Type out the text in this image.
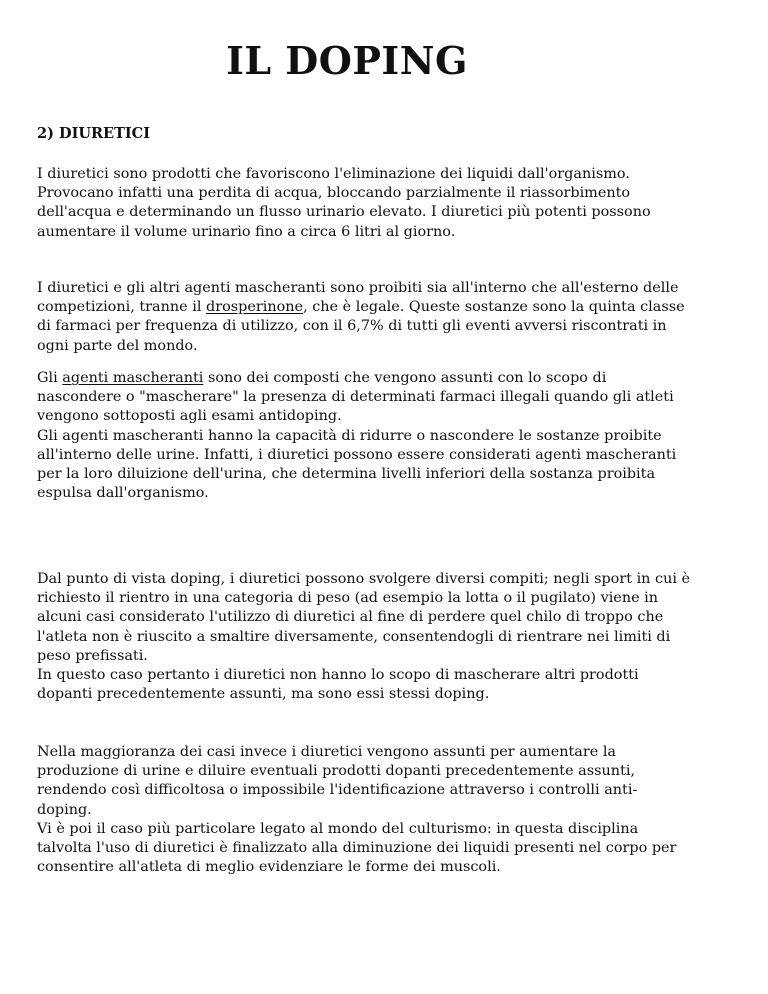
IL DOPING
2) DIURETICI

I diuretici sono prodotti che favoriscono l'eliminazione dei liquidi dall'organismo.
Provocano infatti una perdita di acqua, bloccando parzialmente il riassorbimento
dell'acqua e determinando un flusso urinario elevato. I diuretici più potenti possono
aumentare il volume urinario fino a circa 6 litri al giorno.

I diuretici e gli altri agenti mascheranti sono proibiti sia all'interno che all'esterno delle
competizioni, tranne il drosperinone, che è legale. Queste sostanze sono la quinta classe
di farmaci per frequenza di utilizzo, con il 6,7% di tutti gli eventi avversi riscontrati in
ogni parte del mondo.

Gli agenti mascheranti sono dei composti che vengono assunti con lo scopo di
nascondere o "mascherare" la presenza di determinati farmaci illegali quando gli atleti
vengono sottoposti agli esami antidoping.
Gli agenti mascheranti hanno la capacità di ridurre o nascondere le sostanze proibite
all'interno delle urine. Infatti, i diuretici possono essere considerati agenti mascheranti
per la loro diluizione dell'urina, che determina livelli inferiori della sostanza proibita
espulsa dall'organismo.

Dal punto di vista doping, i diuretici possono svolgere diversi compiti; negli sport in cui è
richiesto il rientro in una categoria di peso (ad esempio la lotta o il pugilato) viene in
alcuni casi considerato l'utilizzo di diuretici al fine di perdere quel chilo di troppo che
l'atleta non è riuscito a smaltire diversamente, consentendogli di rientrare nei limiti di
peso prefissati.
In questo caso pertanto i diuretici non hanno lo scopo di mascherare altri prodotti
dopanti precedentemente assunti, ma sono essi stessi doping.

Nella maggioranza dei casi invece i diuretici vengono assunti per aumentare la
produzione di urine e diluire eventuali prodotti dopanti precedentemente assunti,
rendendo così difficoltosa o impossibile l'identificazione attraverso i controlli anti-
doping.
Vi è poi il caso più particolare legato al mondo del culturismo: in questa disciplina
talvolta l'uso di diuretici è finalizzato alla diminuzione dei liquidi presenti nel corpo per
consentire all'atleta di meglio evidenziare le forme dei muscoli.
